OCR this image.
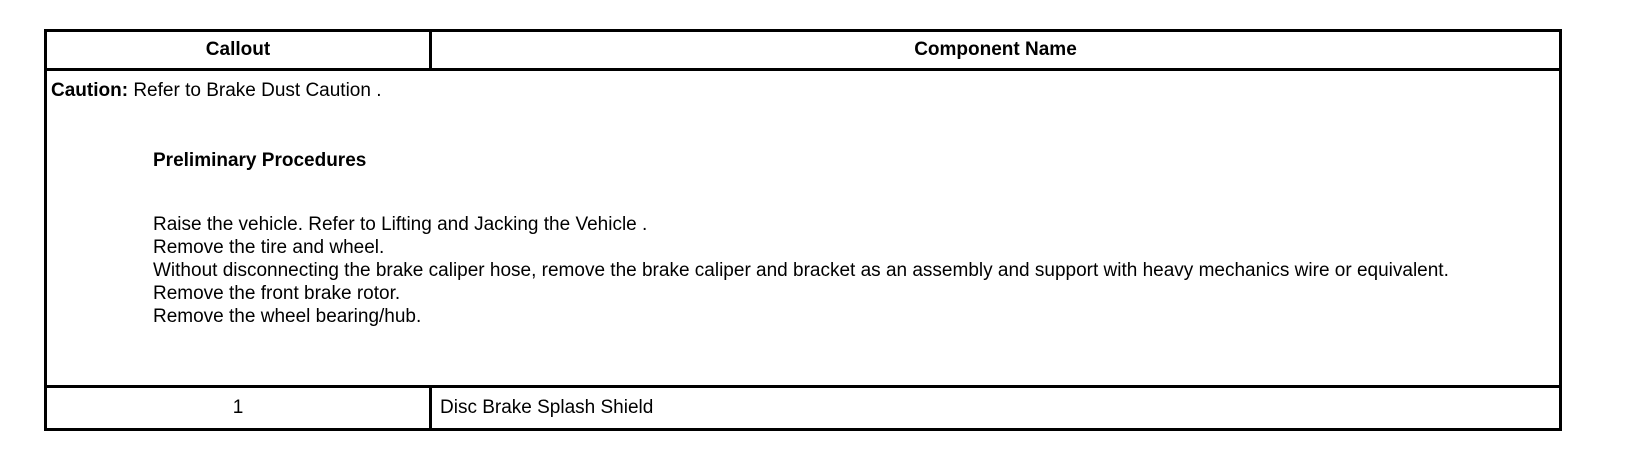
Callout	Component Name
Caution: Refer to Brake Dust Caution .
Preliminary Procedures
Raise the vehicle. Refer to Lifting and Jacking the Vehicle .
Remove the tire and wheel.
Without disconnecting the brake caliper hose, remove the brake caliper and bracket as an assembly and support with heavy mechanics wire or equivalent.
Remove the front brake rotor.
Remove the wheel bearing/hub.
1	Disc Brake Splash Shield
